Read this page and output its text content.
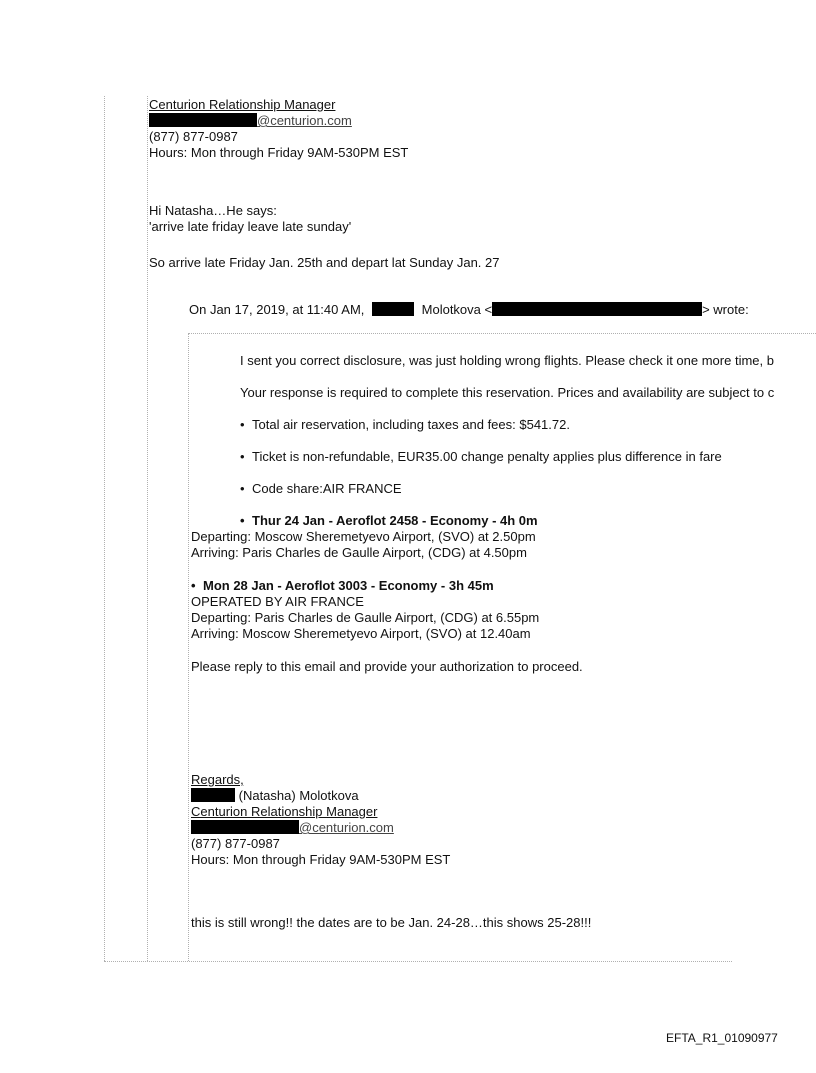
Centurion Relationship Manager
@centurion.com
(877) 877-0987
Hours: Mon through Friday 9AM-530PM EST
Hi Natasha…He says:
'arrive late friday leave late sunday'
So arrive late Friday Jan. 25th and depart lat Sunday Jan. 27
On Jan 17, 2019, at 11:40 AM,	Molotkova <	> wrote:
I sent you correct disclosure, was just holding wrong flights. Please check it one more time, b
Your response is required to complete this reservation. Prices and availability are subject to c
• Total air reservation, including taxes and fees: $541.72.
• Ticket is non-refundable, EUR35.00 change penalty applies plus difference in fare
• Code share:AIR FRANCE
• Thur 24 Jan - Aeroflot 2458 - Economy - 4h 0m
Departing: Moscow Sheremetyevo Airport, (SVO) at 2.50pm
Arriving: Paris Charles de Gaulle Airport, (CDG) at 4.50pm
• Mon 28 Jan - Aeroflot 3003 - Economy - 3h 45m
OPERATED BY AIR FRANCE
Departing: Paris Charles de Gaulle Airport, (CDG) at 6.55pm
Arriving: Moscow Sheremetyevo Airport, (SVO) at 12.40am
Please reply to this email and provide your authorization to proceed.
Regards,
(Natasha) Molotkova
Centurion Relationship Manager
@centurion.com
(877) 877-0987
Hours: Mon through Friday 9AM-530PM EST
this is still wrong!! the dates are to be Jan. 24-28…this shows 25-28!!!
EFTA_R1_01090977
